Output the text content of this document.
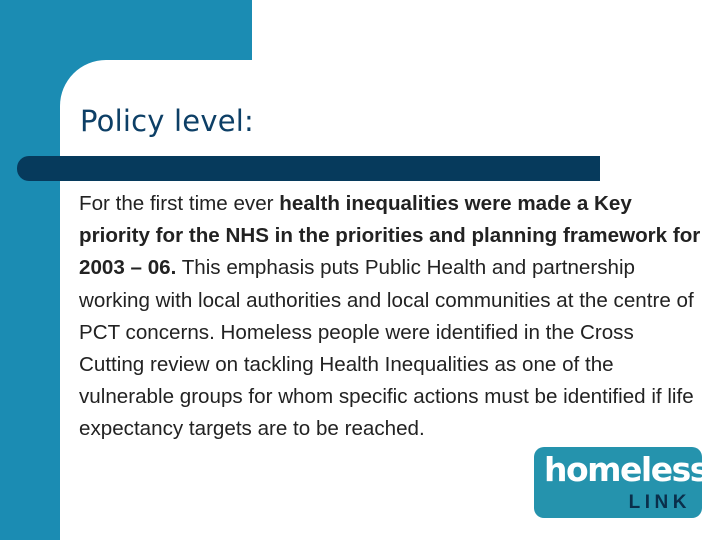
Policy level:

For the first time ever health inequalities were made a Key priority for the NHS in the priorities and planning framework for 2003 – 06. This emphasis puts Public Health and partnership working with local authorities and local communities at the centre of PCT concerns. Homeless people were identified in the Cross Cutting review on tackling Health Inequalities as one of the vulnerable groups for whom specific actions must be identified if life expectancy targets are to be reached.

homeless
LINK
